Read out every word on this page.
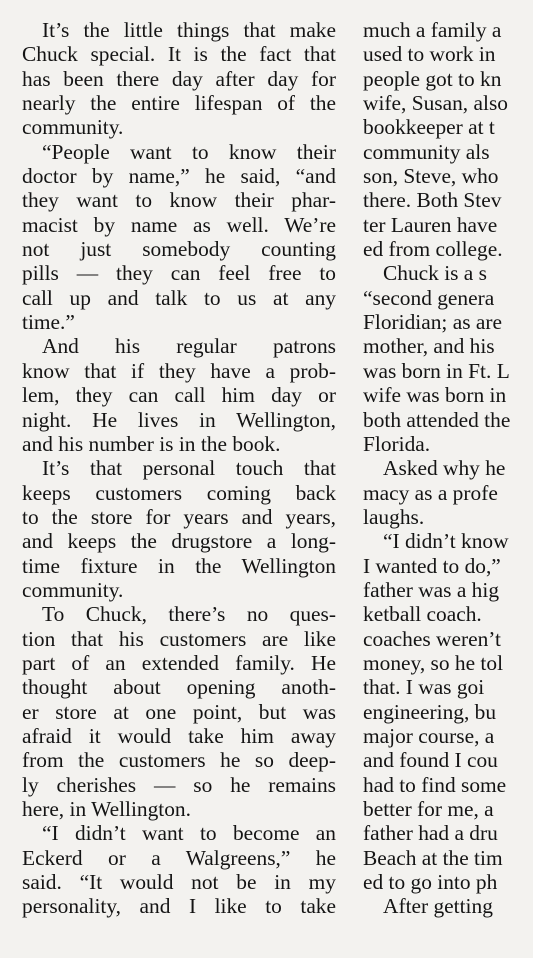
It’s the little things that make
Chuck special. It is the fact that
has been there day after day for
nearly the entire lifespan of the
community.
“People want to know their
doctor by name,” he said, “and
they want to know their phar-
macist by name as well. We’re
not just somebody counting
pills — they can feel free to
call up and talk to us at any
time.”
And his regular patrons
know that if they have a prob-
lem, they can call him day or
night. He lives in Wellington,
and his number is in the book.
It’s that personal touch that
keeps customers coming back
to the store for years and years,
and keeps the drugstore a long-
time fixture in the Wellington
community.
To Chuck, there’s no ques-
tion that his customers are like
part of an extended family. He
thought about opening anoth-
er store at one point, but was
afraid it would take him away
from the customers he so deep-
ly cherishes — so he remains
here, in Wellington.
“I didn’t want to become an
Eckerd or a Walgreens,” he
said. “It would not be in my
personality, and I like to take
much a family a
used to work in
people got to kn
wife, Susan, also
bookkeeper at t
community als
son, Steve, who
there. Both Stev
ter Lauren have
ed from college.
Chuck is a s
“second genera
Floridian; as are
mother, and his
was born in Ft. L
wife was born in
both attended the
Florida.
Asked why he
macy as a profe
laughs.
“I didn’t know
I wanted to do,”
father was a hig
ketball coach.
coaches weren’t
money, so he tol
that. I was goi
engineering, bu
major course, a
and found I cou
had to find some
better for me, a
father had a dru
Beach at the tim
ed to go into ph
After getting
